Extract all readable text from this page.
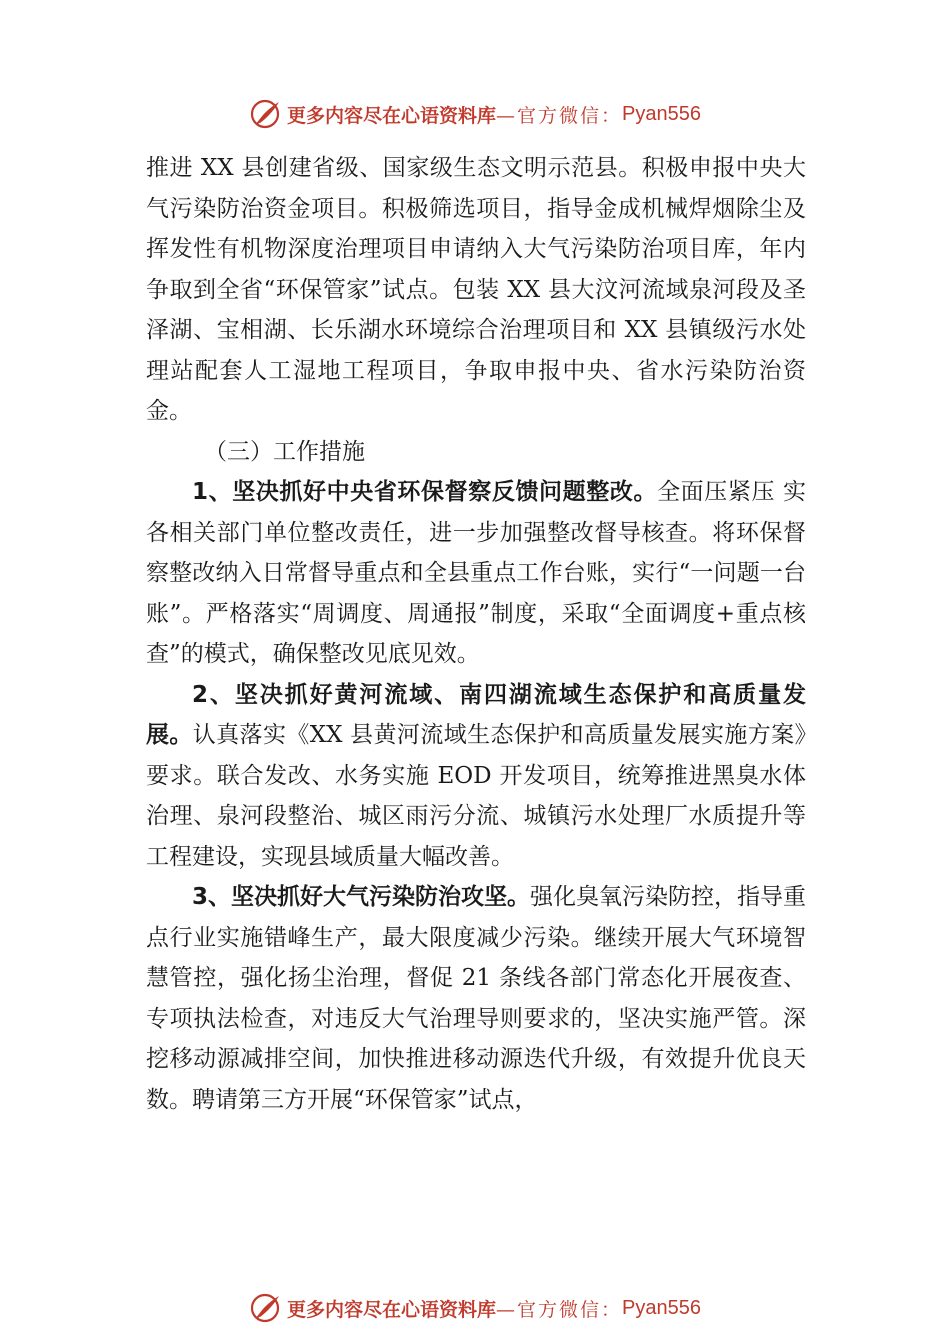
更多内容尽在心语资料库 —官方微信： Pyan556

推进 XX 县创建省级、国家级生态文明示范县。积极申报中央大气污染防治资金项目。积极筛选项目，指导金成机械焊烟除尘及挥发性有机物深度治理项目申请纳入大气污染防治项目库，年内争取到全省“环保管家”试点。包装 XX 县大汶河流域泉河段及圣泽湖、宝相湖、长乐湖水环境综合治理项目和 XX 县镇级污水处理站配套人工湿地工程项目，争取申报中央、省水污染防治资金。

（三）工作措施

1、坚决抓好中央省环保督察反馈问题整改。全面压紧压 实各相关部门单位整改责任，进一步加强整改督导核查。将环保督察整改纳入日常督导重点和全县重点工作台账，实行“一问题一台账”。严格落实“周调度、周通报”制度，采取“全面调度+重点核查”的模式，确保整改见底见效。

2、坚决抓好黄河流域、南四湖流域生态保护和高质量发 展。认真落实《XX 县黄河流域生态保护和高质量发展实施方案》要求。联合发改、水务实施 EOD 开发项目，统筹推进黑臭水体治理、泉河段整治、城区雨污分流、城镇污水处理厂水质提升等工程建设，实现县域质量大幅改善。

3、坚决抓好大气污染防治攻坚。强化臭氧污染防控，指导重点行业实施错峰生产，最大限度减少污染。继续开展大气环境智慧管控，强化扬尘治理，督促 21 条线各部门常态化开展夜查、专项执法检查，对违反大气治理导则要求的，坚决实施严管。深挖移动源减排空间，加快推进移动源迭代升级，有效提升优良天数。聘请第三方开展“环保管家”试点，

更多内容尽在心语资料库 —官方微信： Pyan556
